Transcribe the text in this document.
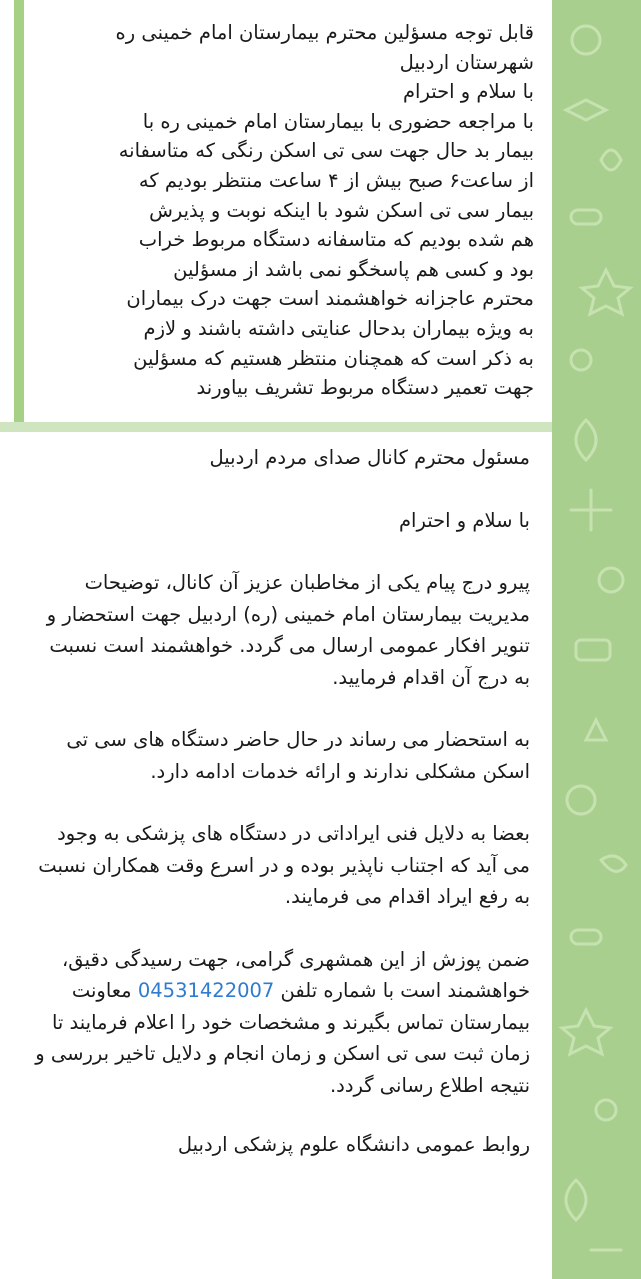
قابل توجه مسؤلین محترم بیمارستان امام خمینی ره
شهرستان اردبیل
با سلام و احترام
با مراجعه حضوری با بیمارستان امام خمینی ره با
بیمار بد حال جهت سی تی اسکن رنگی که متاسفانه
از ساعت۶ صبح بیش از ۴ ساعت منتظر بودیم که
بیمار سی تی اسکن شود با اینکه نوبت و پذیرش
هم شده بودیم که متاسفانه دستگاه مربوط خراب
بود و کسی هم پاسخگو نمی باشد از مسؤلین
محترم عاجزانه خواهشمند است جهت درک بیماران
به ویژه بیماران بدحال عنایتی داشته باشند و لازم
به ذکر است که همچنان منتظر هستیم که مسؤلین
جهت تعمیر دستگاه مربوط تشریف بیاورند

مسئول محترم کانال صدای مردم اردبیل

با سلام و احترام

پیرو درج پیام یکی از مخاطبان عزیز آن کانال، توضیحات مدیریت بیمارستان امام خمینی (ره) اردبیل جهت استحضار و تنویر افکار عمومی ارسال می گردد. خواهشمند است نسبت به درج آن اقدام فرمایید.

به استحضار می رساند در حال حاضر دستگاه های سی تی اسکن مشکلی ندارند و ارائه خدمات ادامه دارد.

بعضا به دلایل فنی ایراداتی در دستگاه های پزشکی به وجود می آید که اجتناب ناپذیر بوده و در اسرع وقت همکاران نسبت به رفع ایراد اقدام می فرمایند.

ضمن پوزش از این همشهری گرامی، جهت رسیدگی دقیق، خواهشمند است با شماره تلفن 04531422007 معاونت بیمارستان تماس بگیرند و مشخصات خود را اعلام فرمایند تا زمان ثبت سی تی اسکن و زمان انجام و دلایل تاخیر بررسی و نتیجه اطلاع رسانی گردد.

روابط عمومی دانشگاه علوم پزشکی اردبیل
